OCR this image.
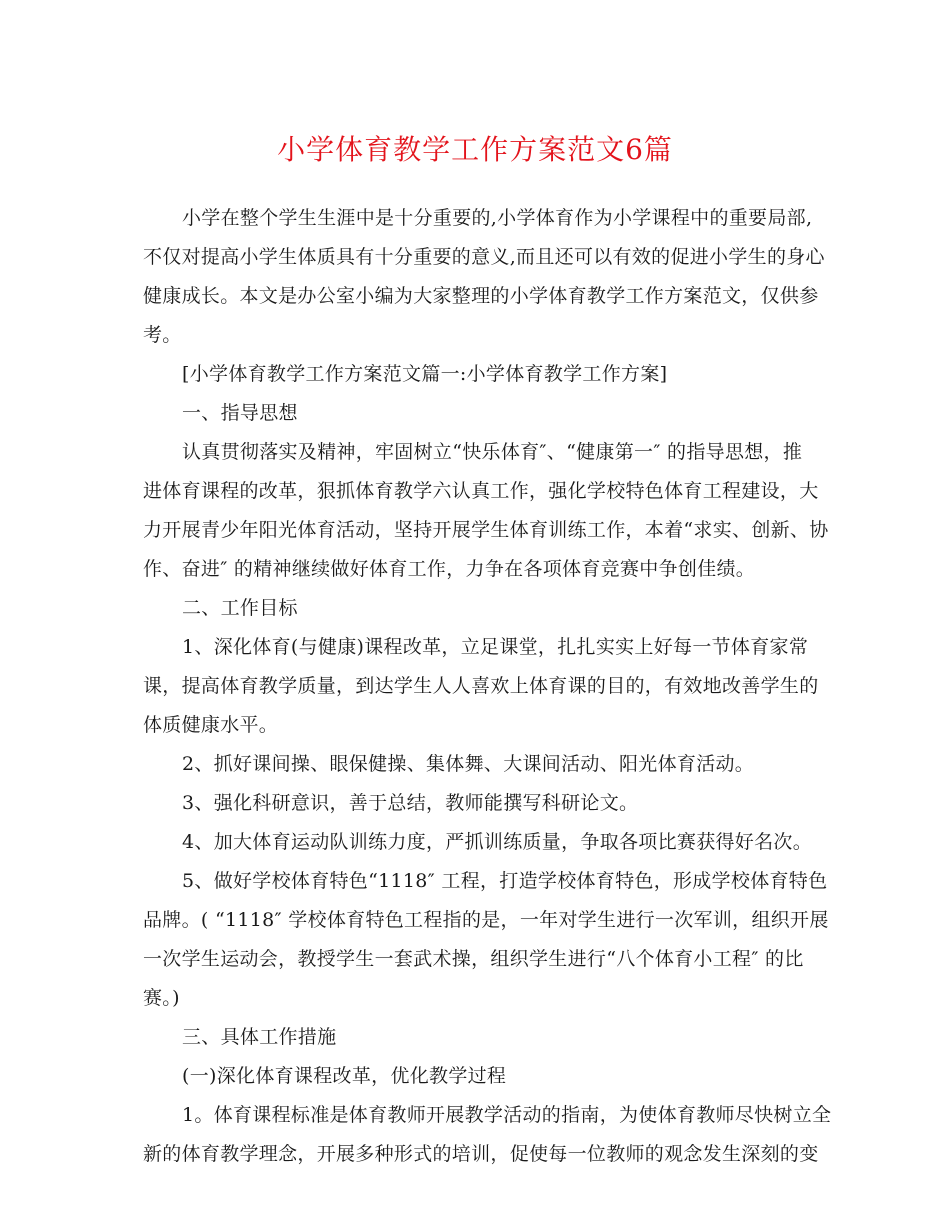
小学体育教学工作方案范文6篇
小学在整个学生生涯中是十分重要的,小学体育作为小学课程中的重要局部,
不仅对提高小学生体质具有十分重要的意义,而且还可以有效的促进小学生的身心
健康成长。本文是办公室小编为大家整理的小学体育教学工作方案范文，仅供参
考。
[小学体育教学工作方案范文篇一:小学体育教学工作方案]
一、指导思想
认真贯彻落实及精神，牢固树立“快乐体育″、“健康第一″ 的指导思想，推
进体育课程的改革，狠抓体育教学六认真工作，强化学校特色体育工程建设，大
力开展青少年阳光体育活动，坚持开展学生体育训练工作，本着“求实、创新、协
作、奋进″ 的精神继续做好体育工作，力争在各项体育竞赛中争创佳绩。
二、工作目标
1、深化体育(与健康)课程改革，立足课堂，扎扎实实上好每一节体育家常
课，提高体育教学质量，到达学生人人喜欢上体育课的目的，有效地改善学生的
体质健康水平。
2、抓好课间操、眼保健操、集体舞、大课间活动、阳光体育活动。
3、强化科研意识，善于总结，教师能撰写科研论文。
4、加大体育运动队训练力度，严抓训练质量，争取各项比赛获得好名次。
5、做好学校体育特色“1118″ 工程，打造学校体育特色，形成学校体育特色
品牌。( “1118″ 学校体育特色工程指的是，一年对学生进行一次军训，组织开展
一次学生运动会，教授学生一套武术操，组织学生进行“八个体育小工程″ 的比
赛。)
三、具体工作措施
(一)深化体育课程改革，优化教学过程
1。体育课程标准是体育教师开展教学活动的指南，为使体育教师尽快树立全
新的体育教学理念，开展多种形式的培训，促使每一位教师的观念发生深刻的变
